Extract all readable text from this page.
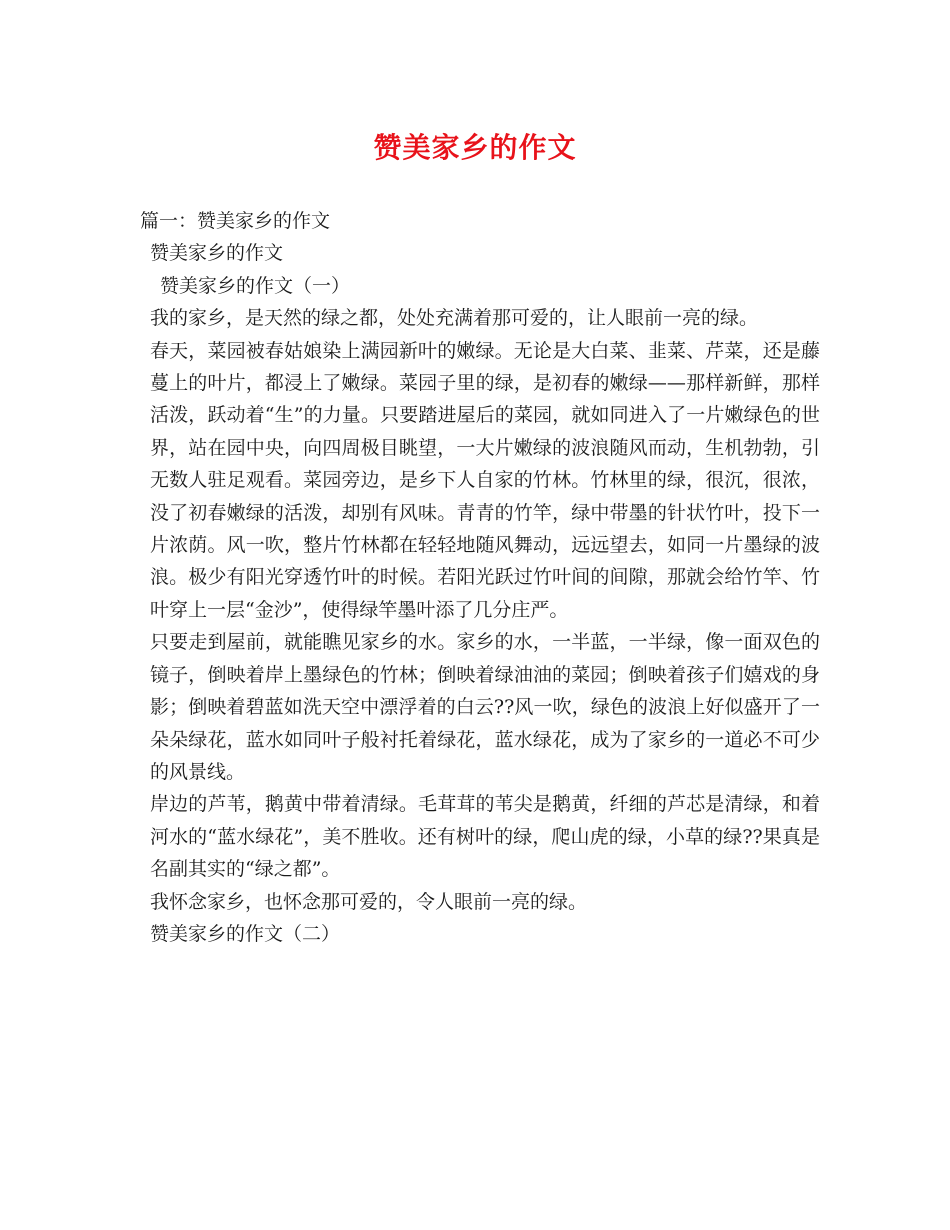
赞美家乡的作文

篇一：赞美家乡的作文

赞美家乡的作文

赞美家乡的作文（一）

我的家乡，是天然的绿之都，处处充满着那可爱的，让人眼前一亮的绿。

春天，菜园被春姑娘染上满园新叶的嫩绿。无论是大白菜、韭菜、芹菜，还是藤蔓上的叶片，都浸上了嫩绿。菜园子里的绿，是初春的嫩绿——那样新鲜，那样活泼，跃动着“生”的力量。只要踏进屋后的菜园，就如同进入了一片嫩绿色的世界，站在园中央，向四周极目眺望，一大片嫩绿的波浪随风而动，生机勃勃，引无数人驻足观看。菜园旁边，是乡下人自家的竹林。竹林里的绿，很沉，很浓，没了初春嫩绿的活泼，却别有风味。青青的竹竿，绿中带墨的针状竹叶，投下一片浓荫。风一吹，整片竹林都在轻轻地随风舞动，远远望去，如同一片墨绿的波浪。极少有阳光穿透竹叶的时候。若阳光跃过竹叶间的间隙，那就会给竹竿、竹叶穿上一层“金沙”，使得绿竿墨叶添了几分庄严。

只要走到屋前，就能瞧见家乡的水。家乡的水，一半蓝，一半绿，像一面双色的镜子，倒映着岸上墨绿色的竹林；倒映着绿油油的菜园；倒映着孩子们嬉戏的身影；倒映着碧蓝如洗天空中漂浮着的白云??风一吹，绿色的波浪上好似盛开了一朵朵绿花，蓝水如同叶子般衬托着绿花，蓝水绿花，成为了家乡的一道必不可少的风景线。

岸边的芦苇，鹅黄中带着清绿。毛茸茸的苇尖是鹅黄，纤细的芦芯是清绿，和着河水的“蓝水绿花”，美不胜收。还有树叶的绿，爬山虎的绿，小草的绿??果真是名副其实的“绿之都”。

我怀念家乡，也怀念那可爱的，令人眼前一亮的绿。

赞美家乡的作文（二）
